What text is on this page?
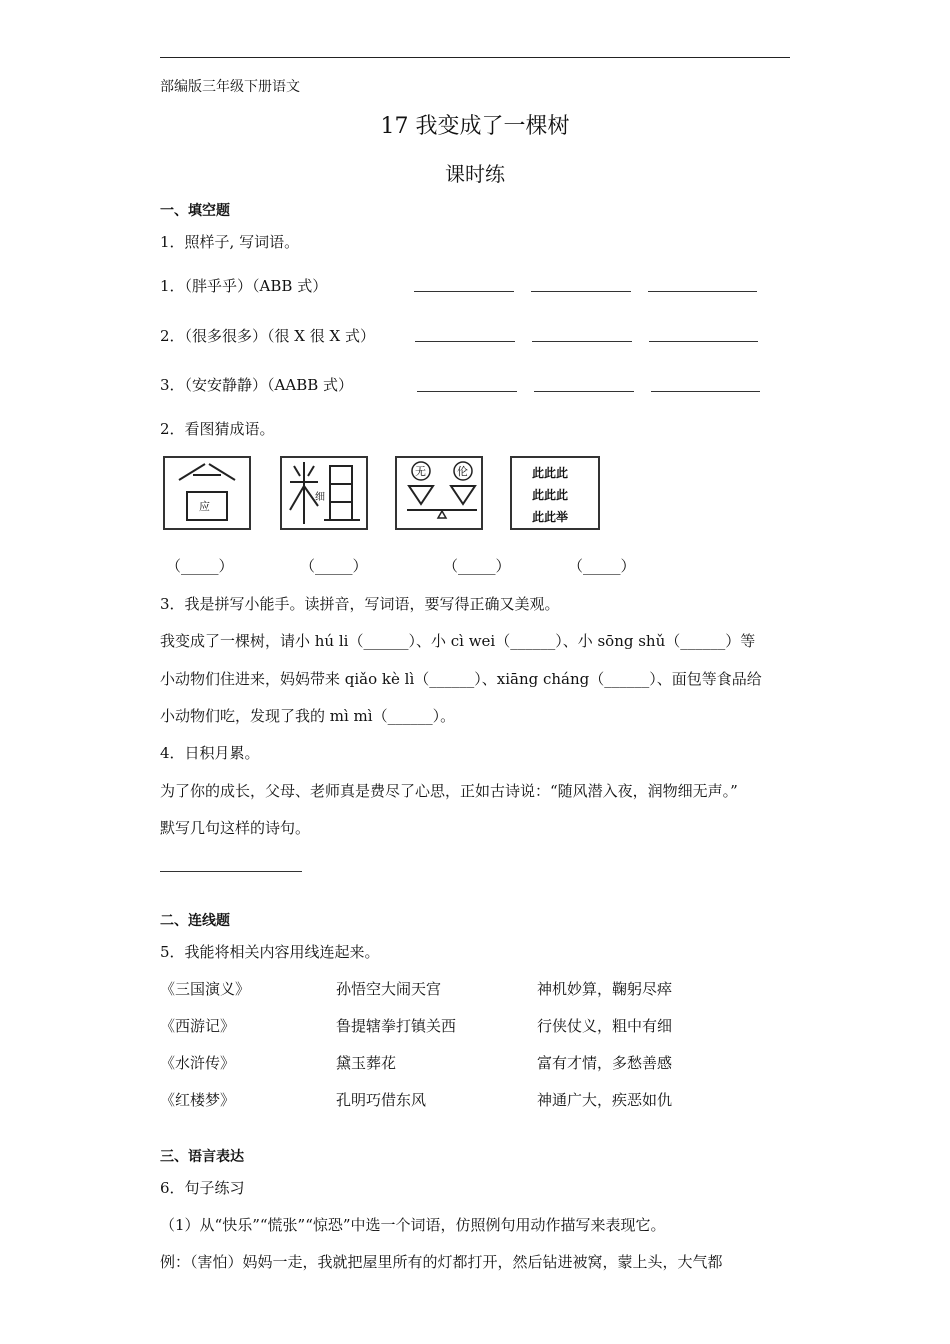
部编版三年级下册语文
17 我变成了一棵树
课时练
一、填空题
1．照样子, 写词语。
1．（胖乎乎）（ABB 式）
2．（很多很多）（很 X 很 X 式）
3．（安安静静）（AABB 式）
2．看图猜成语。
应
细
无	伦	此此此
此此此
此此举
（_____）	（_____）	（_____）	（_____）
3．我是拼写小能手。读拼音，写词语，要写得正确又美观。
我变成了一棵树，请小 hú li（______）、小 cì wei（______）、小 sōng shǔ（______）等
小动物们住进来，妈妈带来 qiǎo kè lì（______）、xiāng cháng（______）、面包等食品给
小动物们吃，发现了我的 mì mì（______）。
4．日积月累。
为了你的成长，父母、老师真是费尽了心思，正如古诗说：“随风潜入夜，润物细无声。”
默写几句这样的诗句。
二、连线题
5．我能将相关内容用线连起来。
《三国演义》	孙悟空大闹天宫	神机妙算，鞠躬尽瘁
《西游记》	鲁提辖拳打镇关西	行侠仗义，粗中有细
《水浒传》	黛玉葬花	富有才情，多愁善感
《红楼梦》	孔明巧借东风	神通广大，疾恶如仇
三、语言表达
6．句子练习
（1）从“快乐”“慌张”“惊恐”中选一个词语，仿照例句用动作描写来表现它。
例：（害怕）妈妈一走，我就把屋里所有的灯都打开，然后钻进被窝，蒙上头，大气都
